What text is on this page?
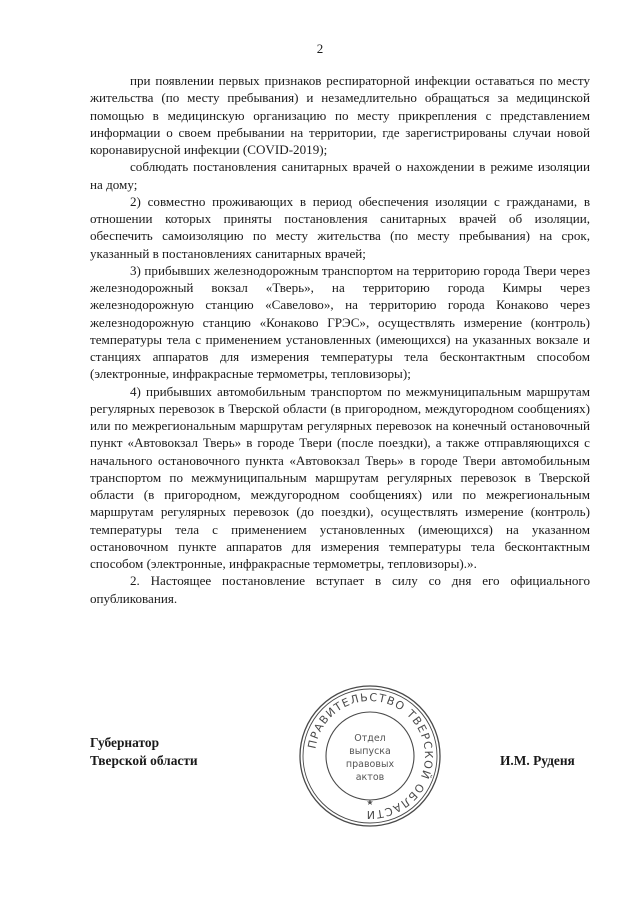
2

при появлении первых признаков респираторной инфекции оставаться по месту жительства (по месту пребывания) и незамедлительно обращаться за медицинской помощью в медицинскую организацию по месту прикрепления с представлением информации о своем пребывании на территории, где зарегистрированы случаи новой коронавирусной инфекции (COVID-2019);

соблюдать постановления санитарных врачей о нахождении в режиме изоляции на дому;

2) совместно проживающих в период обеспечения изоляции с гражданами, в отношении которых приняты постановления санитарных врачей об изоляции, обеспечить самоизоляцию по месту жительства (по месту пребывания) на срок, указанный в постановлениях санитарных врачей;

3) прибывших железнодорожным транспортом на территорию города Твери через железнодорожный вокзал «Тверь», на территорию города Кимры через железнодорожную станцию «Савелово», на территорию города Конаково через железнодорожную станцию «Конаково ГРЭС», осуществлять измерение (контроль) температуры тела с применением установленных (имеющихся) на указанных вокзале и станциях аппаратов для измерения температуры тела бесконтактным способом (электронные, инфракрасные термометры, тепловизоры);

4) прибывших автомобильным транспортом по межмуниципальным маршрутам регулярных перевозок в Тверской области (в пригородном, междугородном сообщениях) или по межрегиональным маршрутам регулярных перевозок на конечный остановочный пункт «Автовокзал Тверь» в городе Твери (после поездки), а также отправляющихся с начального остановочного пункта «Автовокзал Тверь» в городе Твери автомобильным транспортом по межмуниципальным маршрутам регулярных перевозок в Тверской области (в пригородном, междугородном сообщениях) или по межрегиональным маршрутам регулярных перевозок (до поездки), осуществлять измерение (контроль) температуры тела с применением установленных (имеющихся) на указанном остановочном пункте аппаратов для измерения температуры тела бесконтактным способом (электронные, инфракрасные термометры, тепловизоры).».

2. Настоящее постановление вступает в силу со дня его официального опубликования.

Губернатор
Тверской области	И.М. Руденя
ПРАВИТЕЛЬСТВО ТВЕРСКОЙ ОБЛАСТИ
Отдел
выпуска
правовых
актов
★
